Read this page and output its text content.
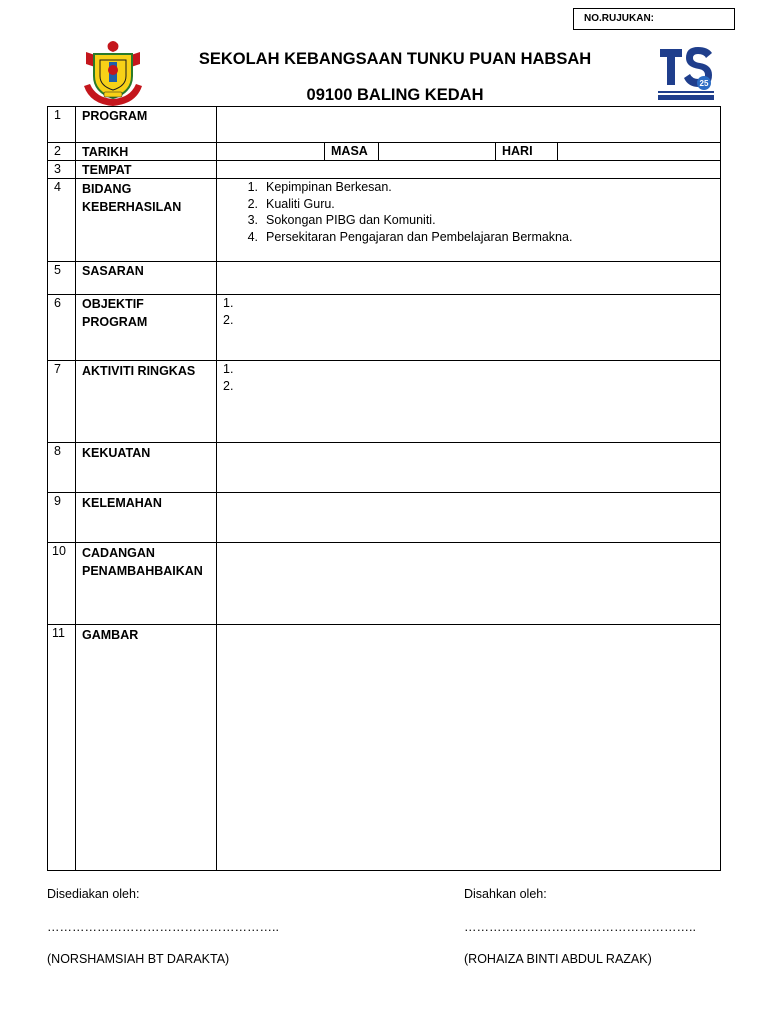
NO.RUJUKAN:
25
SEKOLAH KEBANGSAAN TUNKU PUAN HABSAH
09100 BALING KEDAH
1 PROGRAM
2 TARIKH	MASA	HARI
3 TEMPAT
4 BIDANG KEBERHASILAN
1. Kepimpinan Berkesan.
2. Kualiti Guru.
3. Sokongan PIBG dan Komuniti.
4. Persekitaran Pengajaran dan Pembelajaran Bermakna.
5 SASARAN
6 OBJEKTIF PROGRAM
1.
2.
7 AKTIVITI RINGKAS 1.
2.
8 KEKUATAN
9 KELEMAHAN
10 CADANGAN PENAMBAHBAIKAN
11 GAMBAR
Disediakan oleh:	Disahkan oleh:
………………………………………………..	………………………………………………..
(NORSHAMSIAH BT DARAKTA)	(ROHAIZA BINTI ABDUL RAZAK)
